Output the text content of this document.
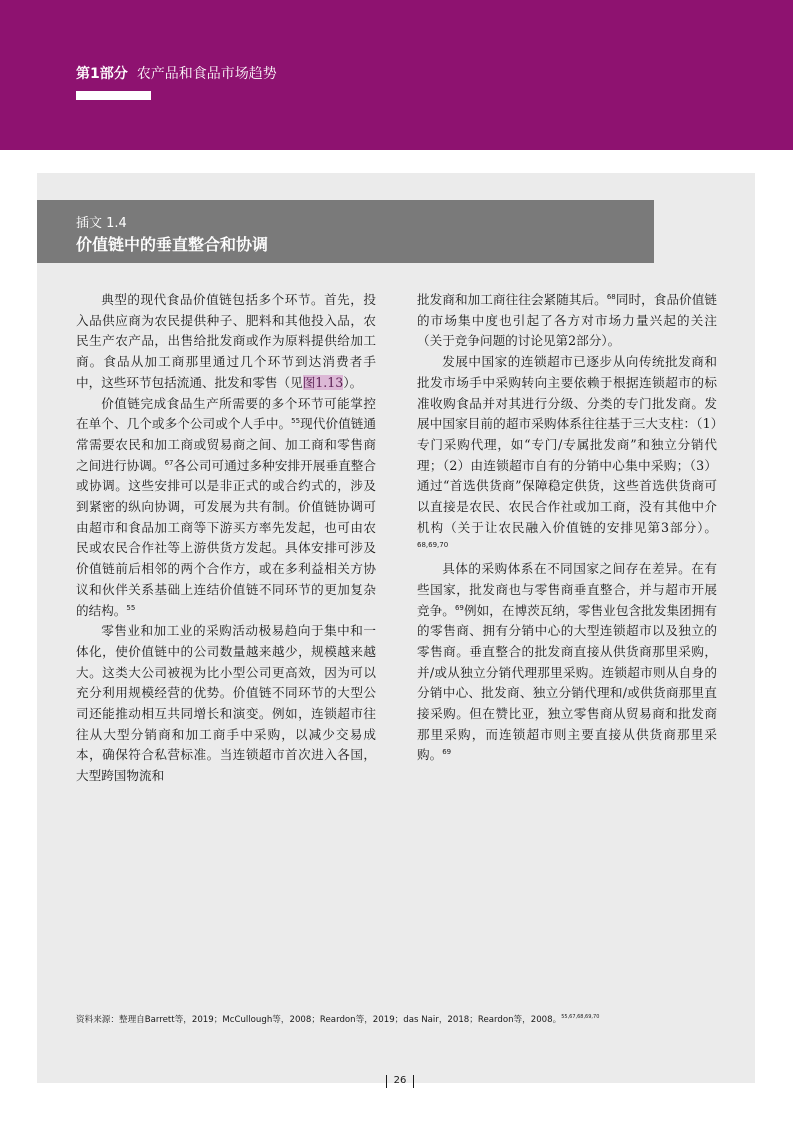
第1部分 农产品和食品市场趋势
插文 1.4
价值链中的垂直整合和协调

典型的现代食品价值链包括多个环节。首先，投入品供应商为农民提供种子、肥料和其他投入品，农民生产农产品，出售给批发商或作为原料提供给加工商。食品从加工商那里通过几个环节到达消费者手中，这些环节包括流通、批发和零售（见图1.13）。

价值链完成食品生产所需要的多个环节可能掌控在单个、几个或多个公司或个人手中。$^{55}$现代价值链通常需要农民和加工商或贸易商之间、加工商和零售商之间进行协调。$^{67}$各公司可通过多种安排开展垂直整合或协调。这些安排可以是非正式的或合约式的，涉及到紧密的纵向协调，可发展为共有制。价值链协调可由超市和食品加工商等下游买方率先发起，也可由农民或农民合作社等上游供货方发起。具体安排可涉及价值链前后相邻的两个合作方，或在多利益相关方协议和伙伴关系基础上连结价值链不同环节的更加复杂的结构。$^{55}$

零售业和加工业的采购活动极易趋向于集中和一体化，使价值链中的公司数量越来越少，规模越来越大。这类大公司被视为比小型公司更高效，因为可以充分利用规模经营的优势。价值链不同环节的大型公司还能推动相互共同增长和演变。例如，连锁超市往往从大型分销商和加工商手中采购，以减少交易成本，确保符合私营标准。当连锁超市首次进入各国，大型跨国物流和

批发商和加工商往往会紧随其后。$^{68}$同时，食品价值链的市场集中度也引起了各方对市场力量兴起的关注（关于竞争问题的讨论见第2部分）。

发展中国家的连锁超市已逐步从向传统批发商和批发市场手中采购转向主要依赖于根据连锁超市的标准收购食品并对其进行分级、分类的专门批发商。发展中国家目前的超市采购体系往往基于三大支柱：（1）专门采购代理，如“专门/专属批发商”和独立分销代理；（2）由连锁超市自有的分销中心集中采购；（3）通过“首选供货商”保障稳定供货，这些首选供货商可以直接是农民、农民合作社或加工商，没有其他中介机构（关于让农民融入价值链的安排见第3部分）。$^{68,69,70}$

具体的采购体系在不同国家之间存在差异。在有些国家，批发商也与零售商垂直整合，并与超市开展竞争。$^{69}$例如，在博茨瓦纳，零售业包含批发集团拥有的零售商、拥有分销中心的大型连锁超市以及独立的零售商。垂直整合的批发商直接从供货商那里采购，并/或从独立分销代理那里采购。连锁超市则从自身的分销中心、批发商、独立分销代理和/或供货商那里直接采购。但在赞比亚，独立零售商从贸易商和批发商那里采购，而连锁超市则主要直接从供货商那里采购。$^{69}$

资料来源：整理自Barrett等，2019；McCullough等，2008；Reardon等，2019；das Nair，2018；Reardon等，2008。$^{55,67,68,69,70}$
26
